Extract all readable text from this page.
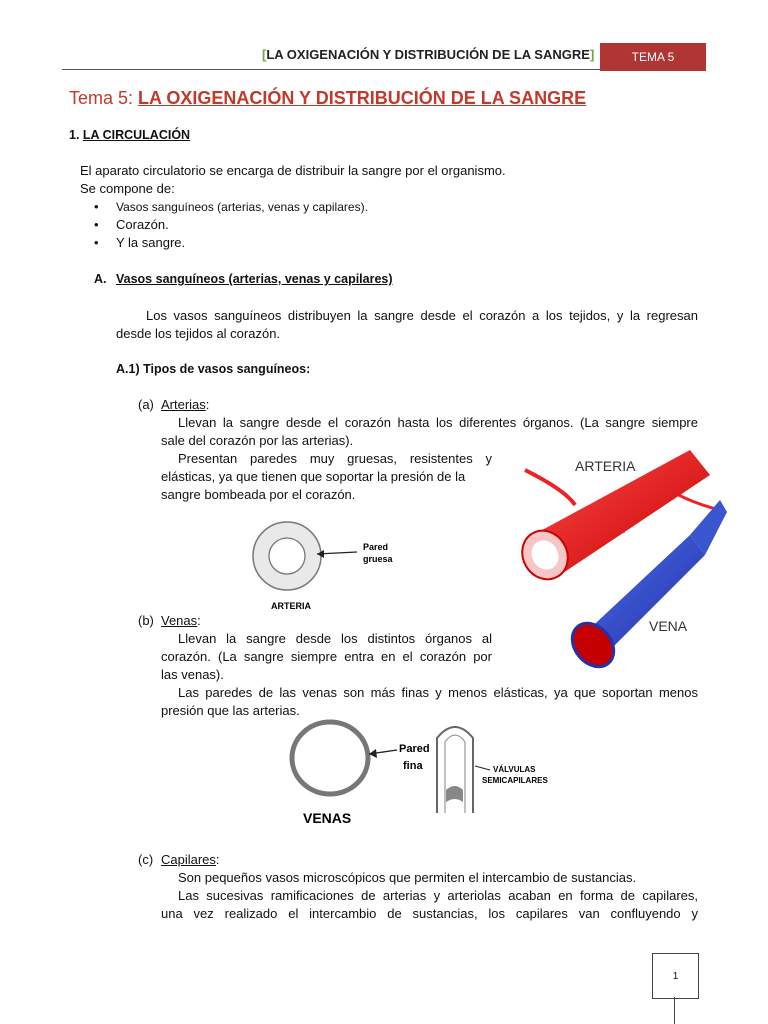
[LA OXIGENACIÓN Y DISTRIBUCIÓN DE LA SANGRE]	TEMA 5
Tema 5: LA OXIGENACIÓN Y DISTRIBUCIÓN DE LA SANGRE
1. LA CIRCULACIÓN
El aparato circulatorio se encarga de distribuir la sangre por el organismo.
Se compone de:
• Vasos sanguíneos (arterias, venas y capilares).
• Corazón.
• Y la sangre.
A. Vasos sanguíneos (arterias, venas y capilares)
Los vasos sanguíneos distribuyen la sangre desde el corazón a los tejidos, y la regresan
desde los tejidos al corazón.
A.1) Tipos de vasos sanguíneos:
(a) Arterias:
Llevan la sangre desde el corazón hasta los diferentes órganos. (La sangre siempre
sale del corazón por las arterias).
Presentan paredes muy gruesas, resistentes y
elásticas, ya que tienen que soportar la presión de la
sangre bombeada por el corazón.
Pared
gruesa
ARTERIA
ARTERIA
VENA
(b) Venas:
Llevan la sangre desde los distintos órganos al
corazón. (La sangre siempre entra en el corazón por
las venas).
Las paredes de las venas son más finas y menos elásticas, ya que soportan menos
presión que las arterias.
Pared
fina
VENAS
VÁLVULAS
SEMICAPILARES
(c) Capilares:
Son pequeños vasos microscópicos que permiten el intercambio de sustancias.
Las sucesivas ramificaciones de arterias y arteriolas acaban en forma de capilares,
una vez realizado el intercambio de sustancias, los capilares van confluyendo y
1
